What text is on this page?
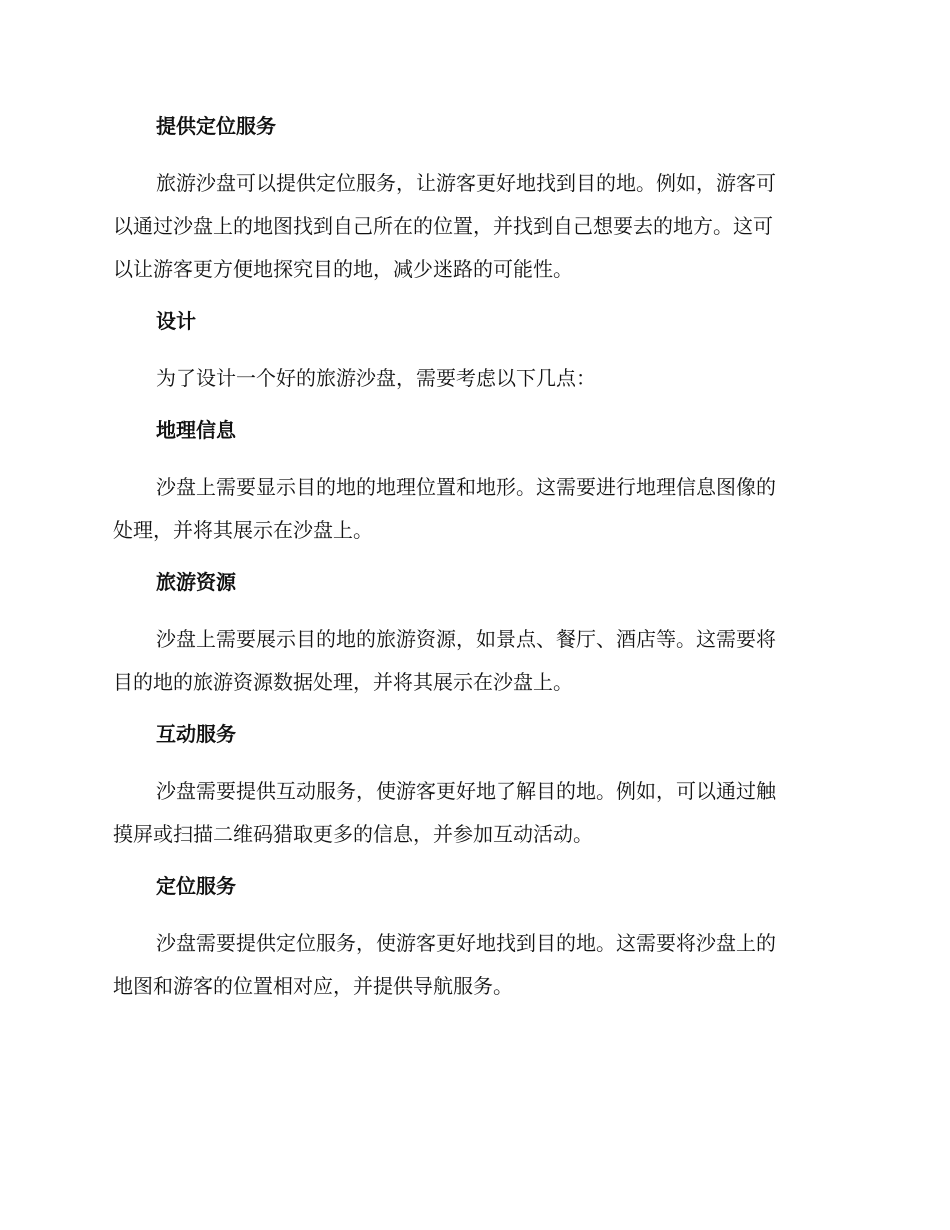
提供定位服务
旅游沙盘可以提供定位服务，让游客更好地找到目的地。例如，游客可
以通过沙盘上的地图找到自己所在的位置，并找到自己想要去的地方。这可
以让游客更方便地探究目的地，减少迷路的可能性。
设计
为了设计一个好的旅游沙盘，需要考虑以下几点：
地理信息
沙盘上需要显示目的地的地理位置和地形。这需要进行地理信息图像的
处理，并将其展示在沙盘上。
旅游资源
沙盘上需要展示目的地的旅游资源，如景点、餐厅、酒店等。这需要将
目的地的旅游资源数据处理，并将其展示在沙盘上。
互动服务
沙盘需要提供互动服务，使游客更好地了解目的地。例如，可以通过触
摸屏或扫描二维码猎取更多的信息，并参加互动活动。
定位服务
沙盘需要提供定位服务，使游客更好地找到目的地。这需要将沙盘上的
地图和游客的位置相对应，并提供导航服务。
